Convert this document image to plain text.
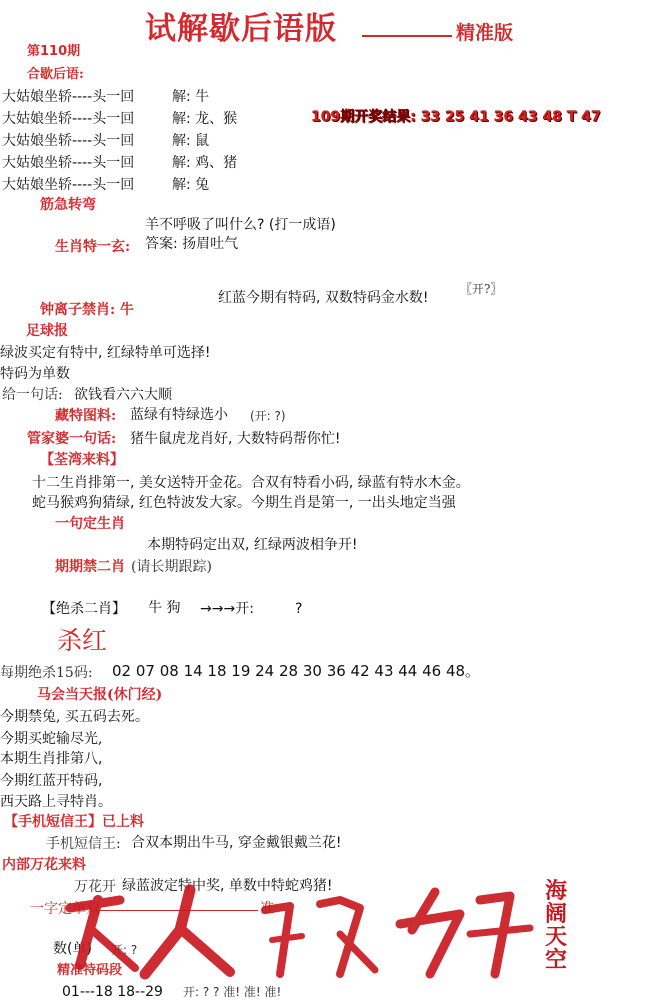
试解歇后语版	精准版
第110期
合歇后语:
大姑娘坐轿----头一回	解: 牛
大姑娘坐轿----头一回	解: 龙、猴
大姑娘坐轿----头一回	解: 鼠
大姑娘坐轿----头一回	解: 鸡、猪
大姑娘坐轿----头一回	解: 兔
109期开奖结果: 33 25 41 36 43 48 T 47
筋急转弯
羊不呼吸了叫什么? (打一成语)
生肖特一玄: 答案: 扬眉吐气
红蓝今期有特码, 双数特码金水数!
〖开?〗
钟离子禁肖: 牛
足球报
绿波买定有特中, 红绿特单可选择!
特码为单数
给一句话: 欲钱看六六大顺
藏特图料: 蓝绿有特绿选小 (开: ?)
管家婆一句话: 猪牛鼠虎龙肖好, 大数特码帮你忙!
【荃湾来料】
十二生肖排第一, 美女送特开金花。合双有特看小码, 绿蓝有特水木金。
蛇马猴鸡狗猜绿, 红色特波发大家。今期生肖是第一, 一出头地定当强
一句定生肖
本期特码定出双, 红绿两波相争开!
期期禁二肖 (请长期跟踪)
【绝杀二肖】 牛 狗 →→→开:	?
杀红
每期绝杀15码: 02 07 08 14 18 19 24 28 30 36 42 43 44 46 48。
马会当天报(休门经)
今期禁兔, 买五码去死。
今期买蛇输尽光,
本期生肖排第八,
今期红蓝开特码,
西天路上寻特肖。
【手机短信王】已上料
手机短信王: 合双本期出牛马, 穿金戴银戴兰花!
内部万花来料
万花开 绿蓝波定特中奖, 单数中特蛇鸡猪!
一字定单双	准
数(单) 开: ?
精准特码段
01---18 18--29 开: ? ? 准! 准! 准!
海阔天空
